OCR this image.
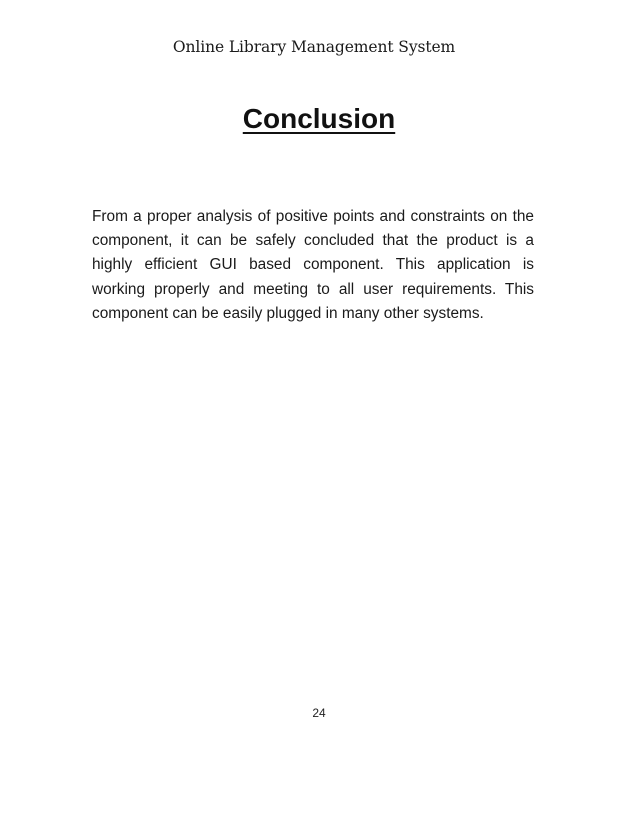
Online Library Management System
Conclusion

From a proper analysis of positive points and constraints on the component, it can be safely concluded that the product is a highly efficient GUI based component. This application is working properly and meeting to all user requirements. This component can be easily plugged in many other systems.

24
